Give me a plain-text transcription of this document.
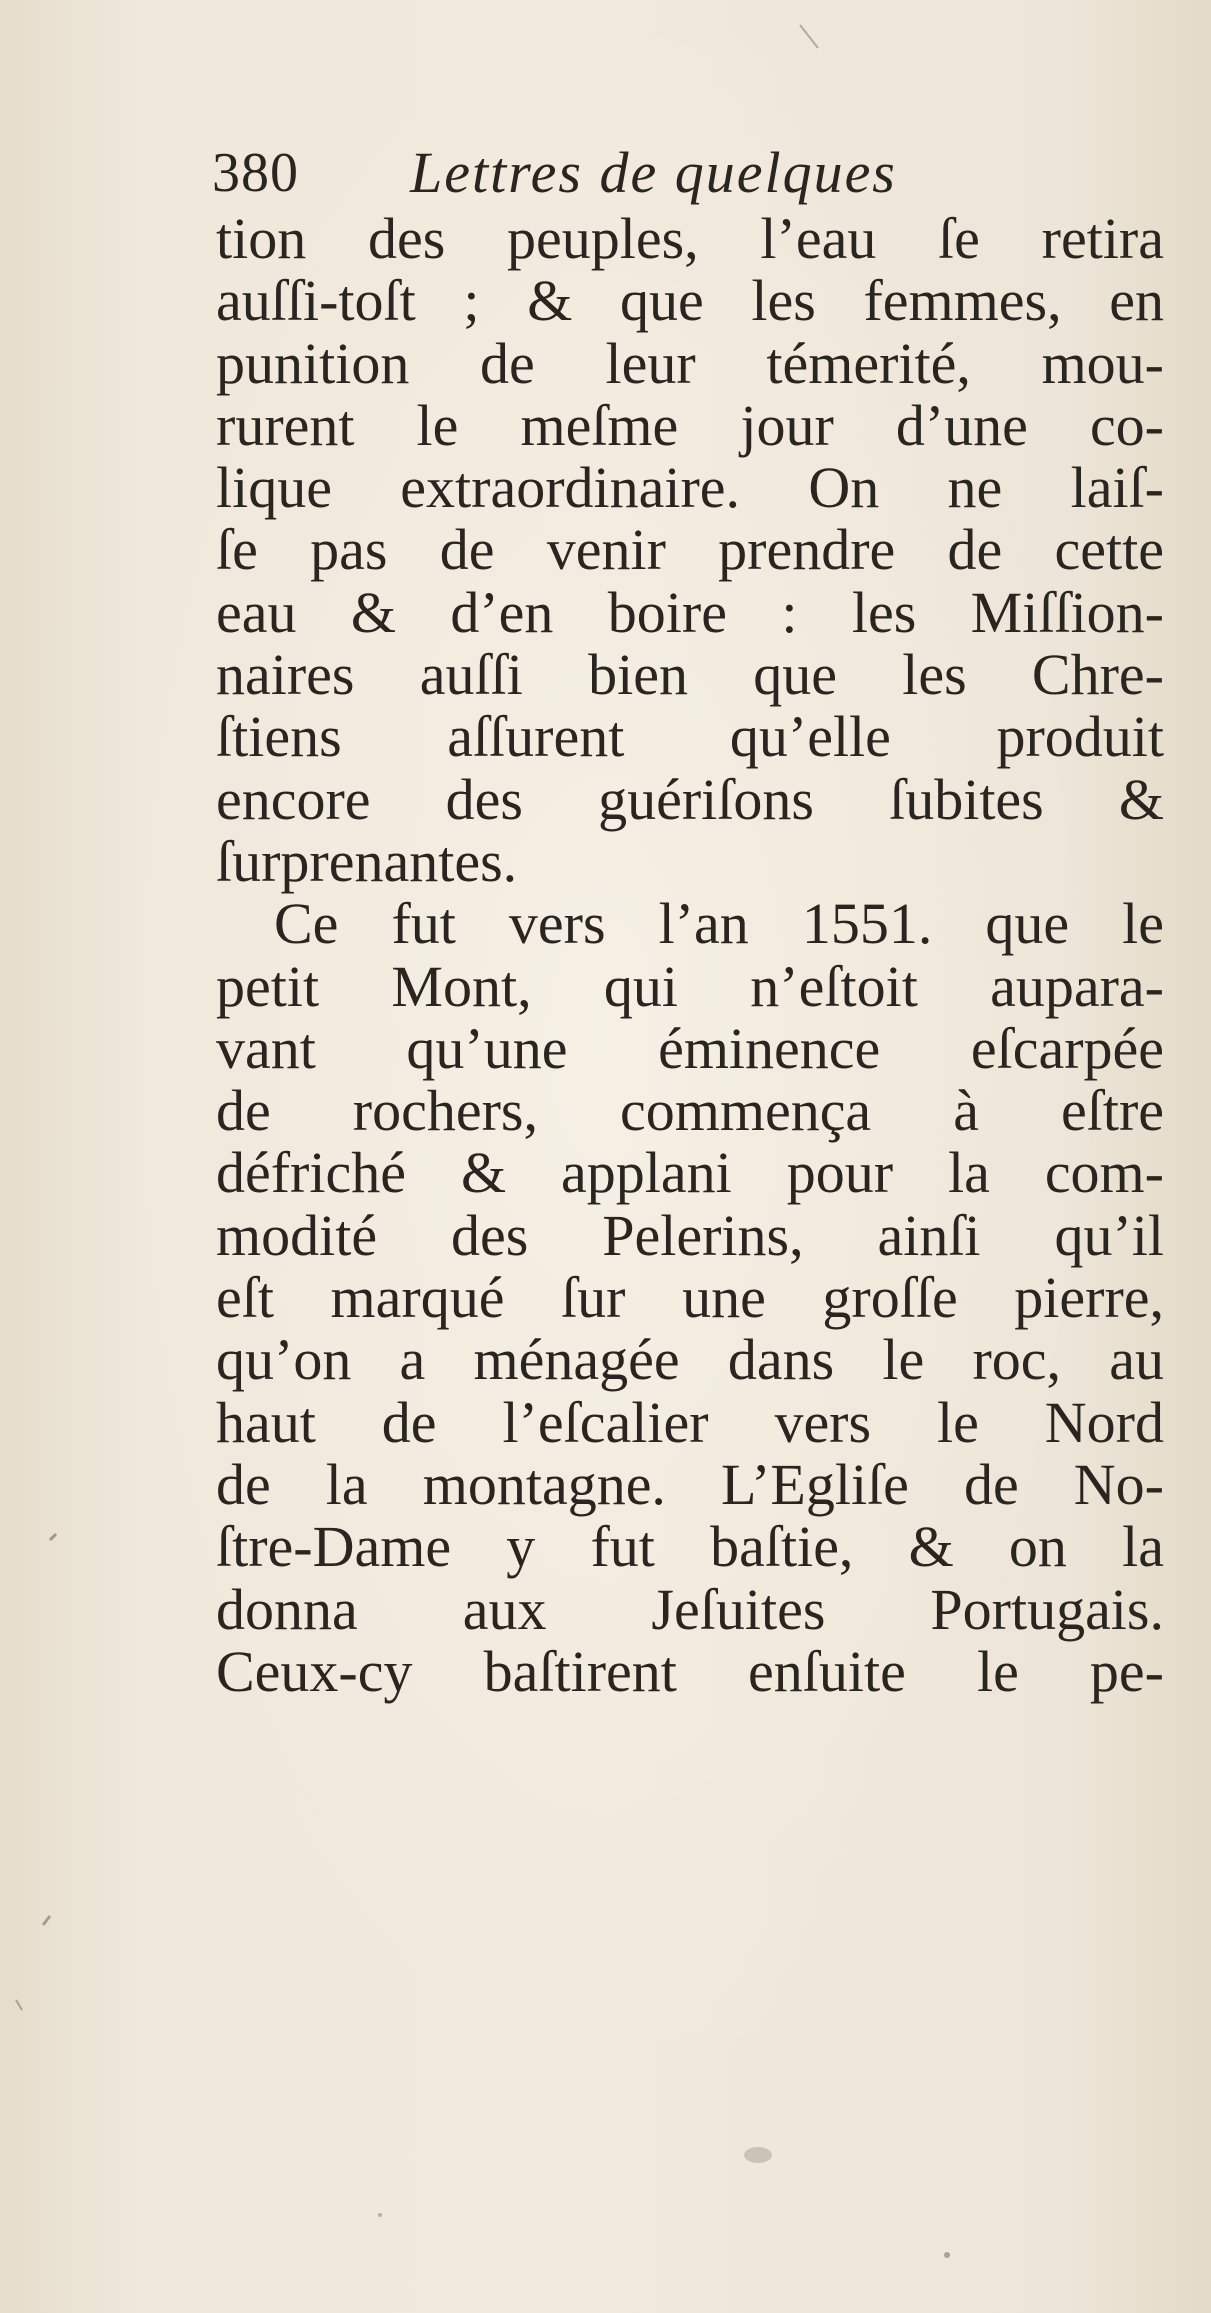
380 Lettres de quelques
tion des peuples, l’eau ſe retira
auſſi-toſt ; & que les femmes, en
punition de leur témerité, mou-
rurent le meſme jour d’une co-
lique extraordinaire. On ne laiſ-
ſe pas de venir prendre de cette
eau & d’en boire : les Miſſion-
naires auſſi bien que les Chre-
ſtiens aſſurent qu’elle produit
encore des guériſons ſubites &
ſurprenantes.
Ce fut vers l’an 1551. que le
petit Mont, qui n’eſtoit aupara-
vant qu’une éminence eſcarpée
de rochers, commença à eſtre
défriché & applani pour la com-
modité des Pelerins, ainſi qu’il
eſt marqué ſur une groſſe pierre,
qu’on a ménagée dans le roc, au
haut de l’eſcalier vers le Nord
de la montagne. L’Egliſe de No-
ſtre-Dame y fut baſtie, & on la
donna aux Jeſuites Portugais.
Ceux-cy baſtirent enſuite le pe-
